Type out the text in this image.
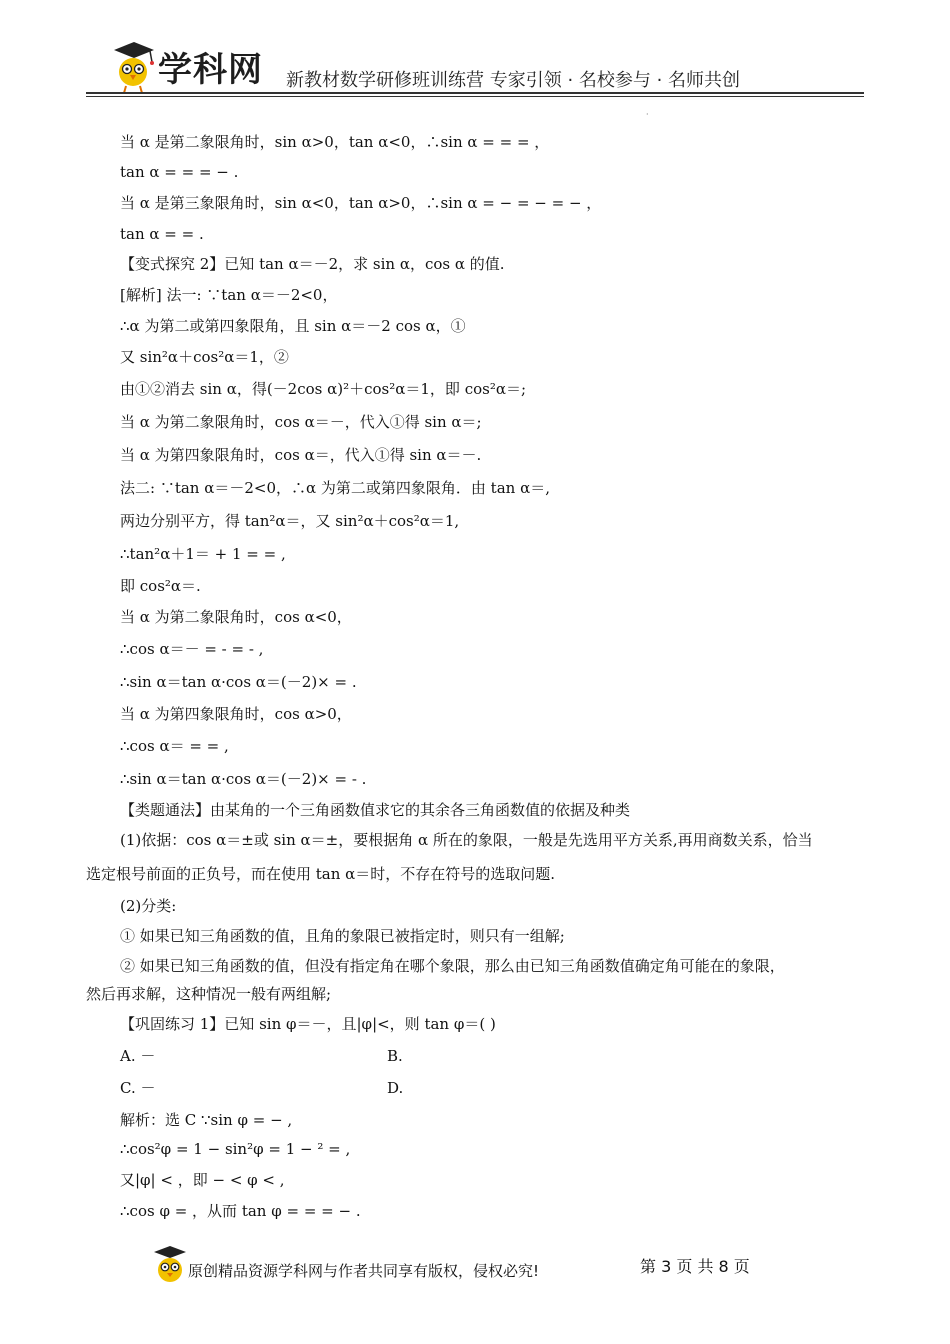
学科网 新教材数学研修班训练营 专家引领 · 名校参与 · 名师共创
·
当 α 是第二象限角时，sin α>0，tan α<0，∴sin α = = = ，
tan α = = = − .
当 α 是第三象限角时，sin α<0，tan α>0，∴sin α = − = − = − ，
tan α = = .
【变式探究 2】已知 tan α＝－2，求 sin α，cos α 的值.
[解析] 法一: ∵tan α＝－2<0，
∴α 为第二或第四象限角，且 sin α＝－2 cos α，①
又 sin²α＋cos²α＝1，②
由①②消去 sin α，得(－2cos α)²＋cos²α＝1，即 cos²α＝;
当 α 为第二象限角时，cos α＝－，代入①得 sin α＝;
当 α 为第四象限角时，cos α＝，代入①得 sin α＝－.
法二: ∵tan α＝－2<0，∴α 为第二或第四象限角．由 tan α＝,
两边分别平方，得 tan²α＝，又 sin²α＋cos²α＝1,
∴tan²α＋1＝ + 1 = = ,
即 cos²α＝.
当 α 为第二象限角时，cos α<0，
∴cos α＝－ = - = - ,
∴sin α＝tan α·cos α＝(－2)× = .
当 α 为第四象限角时，cos α>0，
∴cos α＝ = = ,
∴sin α＝tan α·cos α＝(－2)× = - .
【类题通法】由某角的一个三角函数值求它的其余各三角函数值的依据及种类
(1)依据：cos α＝±或 sin α＝±，要根据角 α 所在的象限，一般是先选用平方关系,再用商数关系，恰当
选定根号前面的正负号，而在使用 tan α＝时，不存在符号的选取问题.
(2)分类:
① 如果已知三角函数的值，且角的象限已被指定时，则只有一组解;
② 如果已知三角函数的值，但没有指定角在哪个象限，那么由已知三角函数值确定角可能在的象限，
然后再求解，这种情况一般有两组解;
【巩固练习 1】已知 sin φ＝－，且|φ|<，则 tan φ＝( )
A. －	B.
C. －	D.
解析：选 C ∵sin φ = − ,
∴cos²φ = 1 − sin²φ = 1 − ² = ,
又|φ| < ，即 − < φ < ,
∴cos φ = ，从而 tan φ = = = − .
原创精品资源学科网与作者共同享有版权，侵权必究!	第 3 页 共 8 页
